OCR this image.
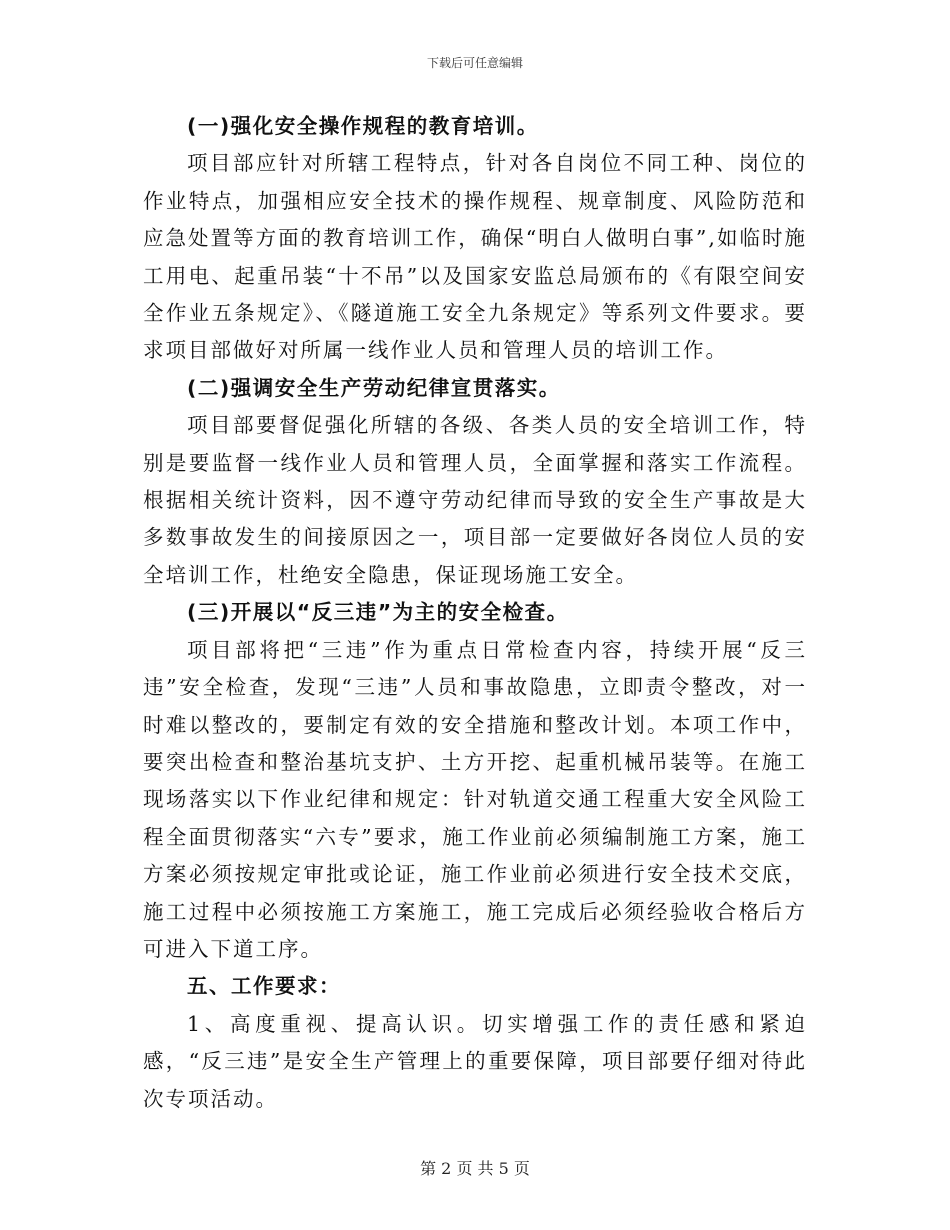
下载后可任意编辑

(一)强化安全操作规程的教育培训。

项目部应针对所辖工程特点，针对各自岗位不同工种、岗位的作业特点，加强相应安全技术的操作规程、规章制度、风险防范和应急处置等方面的教育培训工作，确保“明白人做明白事”,如临时施工用电、起重吊装“十不吊”以及国家安监总局颁布的《有限空间安全作业五条规定》、《隧道施工安全九条规定》等系列文件要求。要求项目部做好对所属一线作业人员和管理人员的培训工作。

(二)强调安全生产劳动纪律宣贯落实。

项目部要督促强化所辖的各级、各类人员的安全培训工作，特别是要监督一线作业人员和管理人员，全面掌握和落实工作流程。根据相关统计资料，因不遵守劳动纪律而导致的安全生产事故是大多数事故发生的间接原因之一，项目部一定要做好各岗位人员的安全培训工作，杜绝安全隐患，保证现场施工安全。

(三)开展以“反三违”为主的安全检查。

项目部将把“三违”作为重点日常检查内容，持续开展“反三违”安全检查，发现“三违”人员和事故隐患，立即责令整改，对一时难以整改的，要制定有效的安全措施和整改计划。本项工作中，要突出检查和整治基坑支护、土方开挖、起重机械吊装等。在施工现场落实以下作业纪律和规定：针对轨道交通工程重大安全风险工程全面贯彻落实“六专”要求，施工作业前必须编制施工方案，施工方案必须按规定审批或论证，施工作业前必须进行安全技术交底，施工过程中必须按施工方案施工，施工完成后必须经验收合格后方可进入下道工序。

五、工作要求：

1、高度重视、提高认识。切实增强工作的责任感和紧迫感，“反三违”是安全生产管理上的重要保障，项目部要仔细对待此次专项活动。

第 2 页 共 5 页
